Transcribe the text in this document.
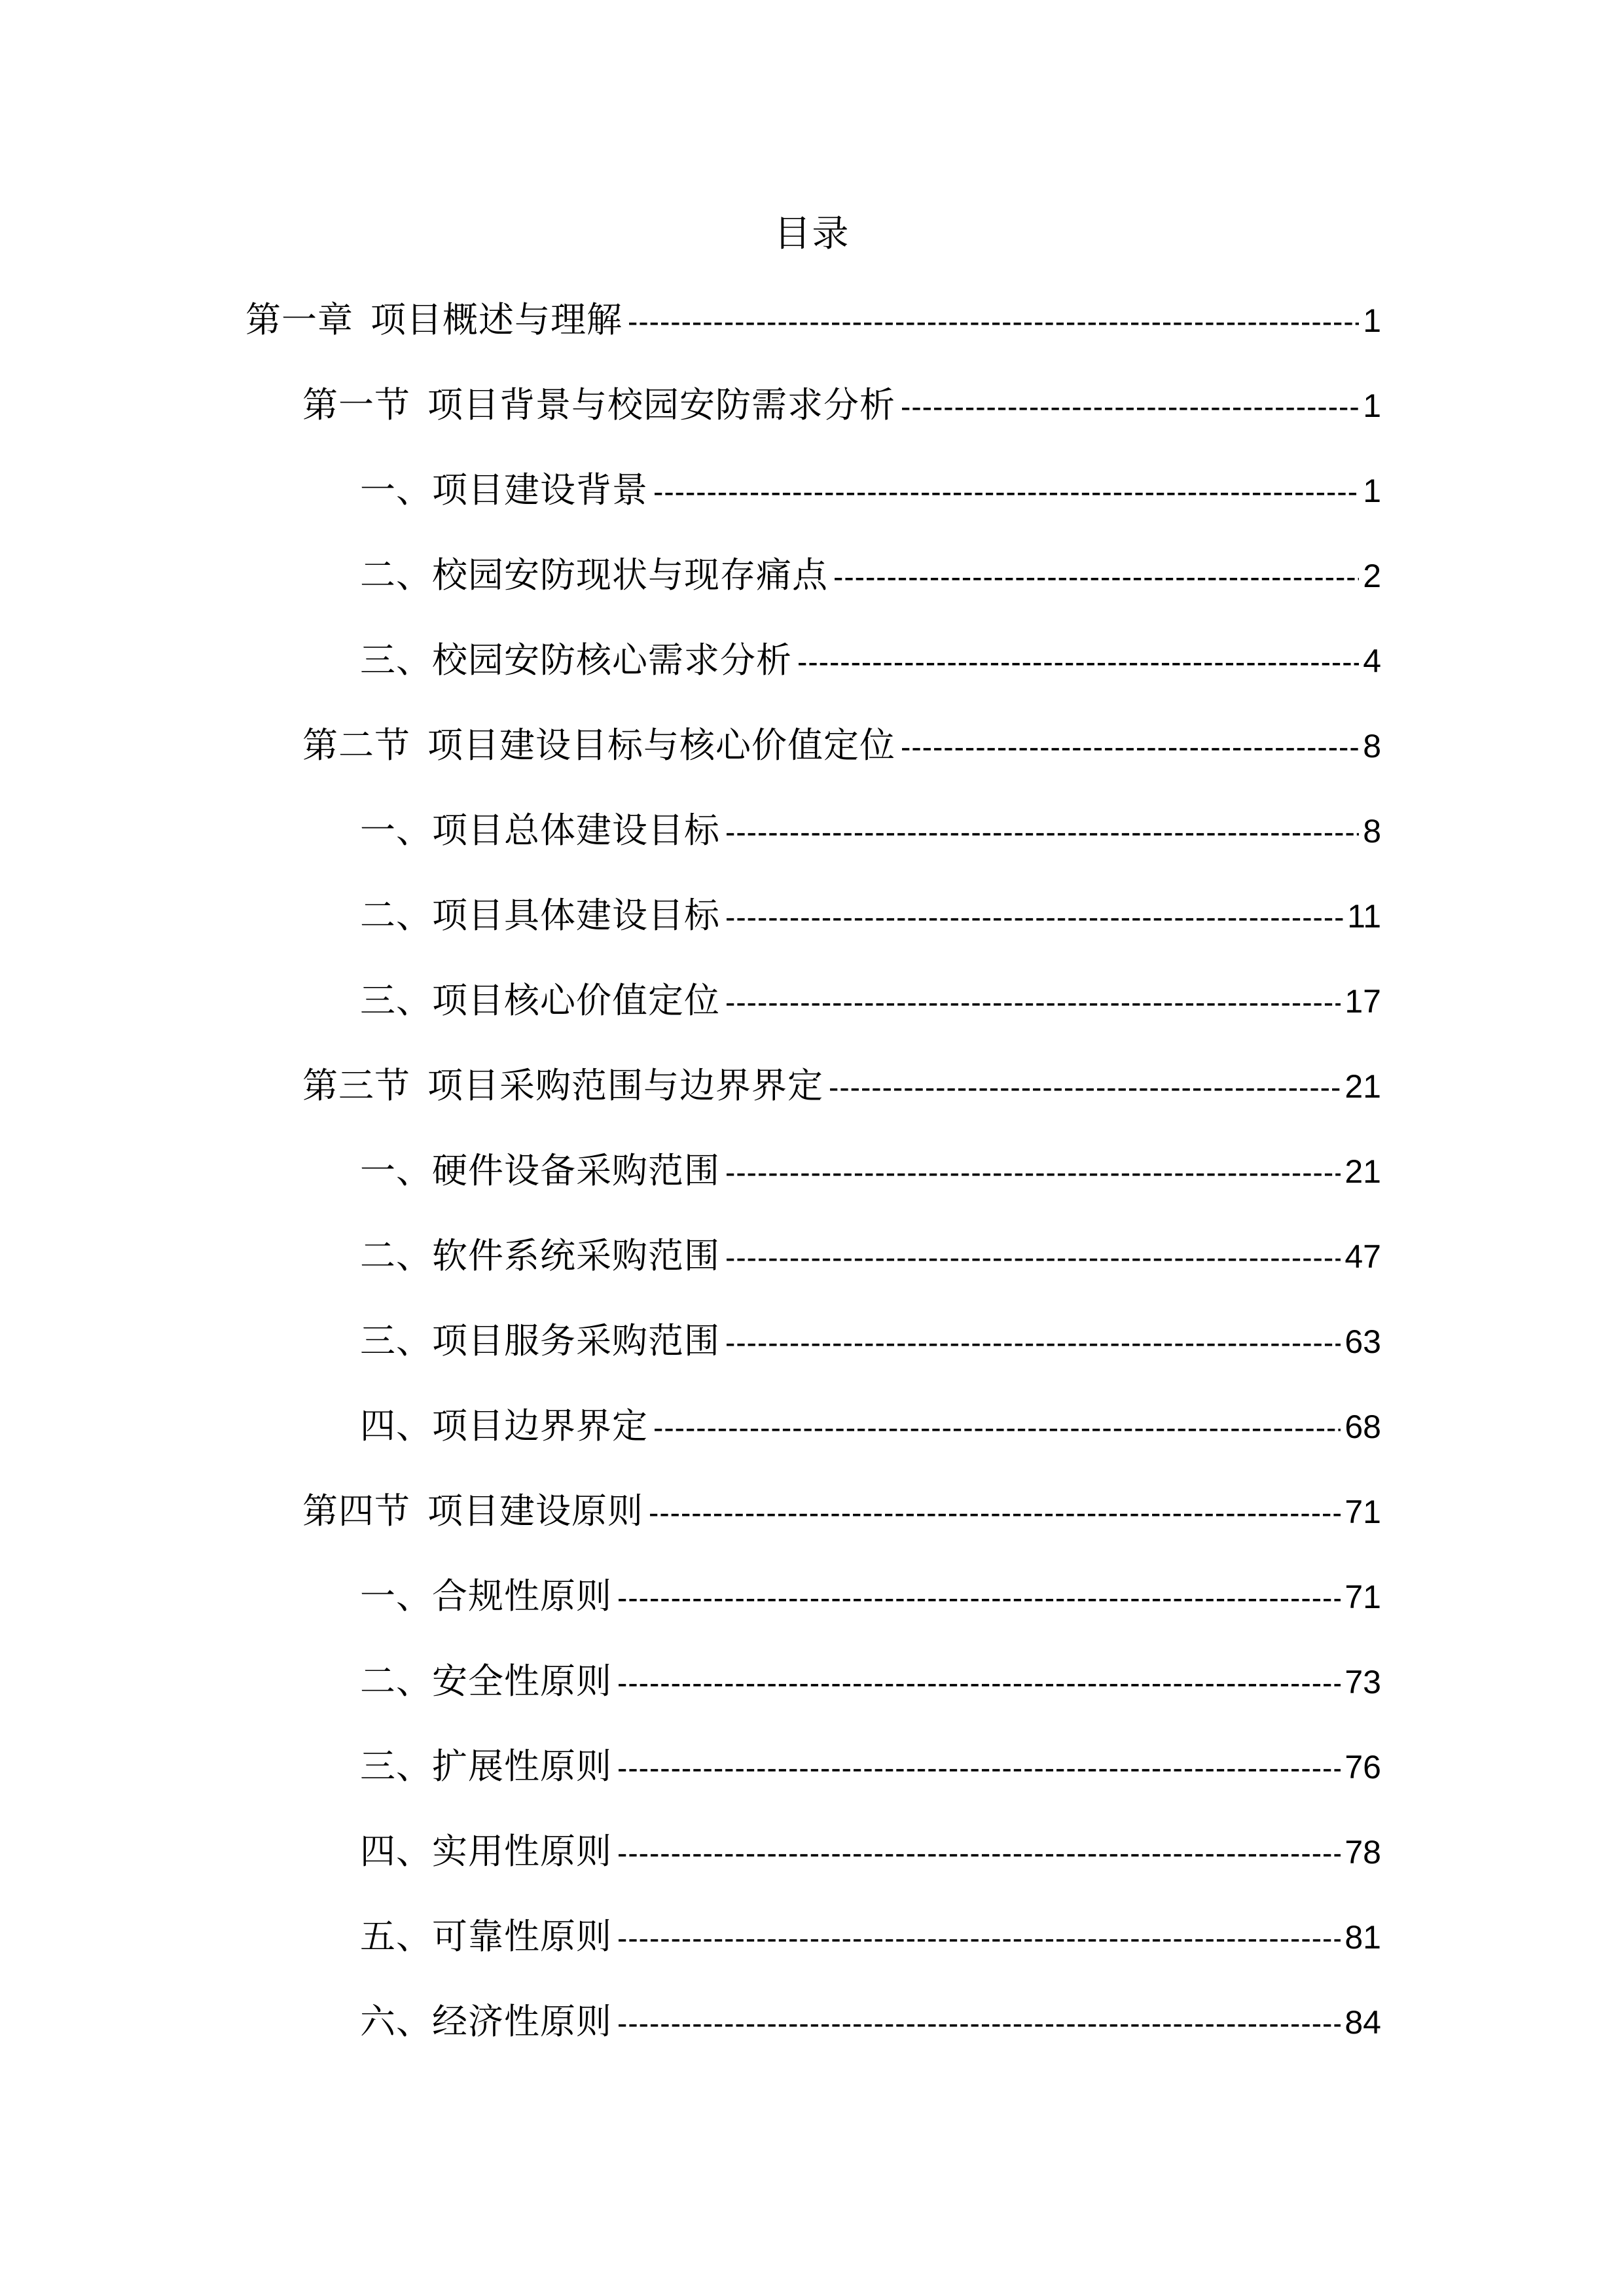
目录
第一章 项目概述与理解 -----	1
第一节 项目背景与校园安防需求分析 -----	1
一、项目建设背景 -----	1
二、校园安防现状与现存痛点 -----	2
三、校园安防核心需求分析 -----	4
第二节 项目建设目标与核心价值定位 -----	8
一、项目总体建设目标 -----	8
二、项目具体建设目标 -----	11
三、项目核心价值定位 -----	17
第三节 项目采购范围与边界界定 -----	21
一、硬件设备采购范围 -----	21
二、软件系统采购范围 -----	47
三、项目服务采购范围 -----	63
四、项目边界界定 -----	68
第四节 项目建设原则 -----	71
一、合规性原则 -----	71
二、安全性原则 -----	73
三、扩展性原则 -----	76
四、实用性原则 -----	78
五、可靠性原则 -----	81
六、经济性原则 -----	84
